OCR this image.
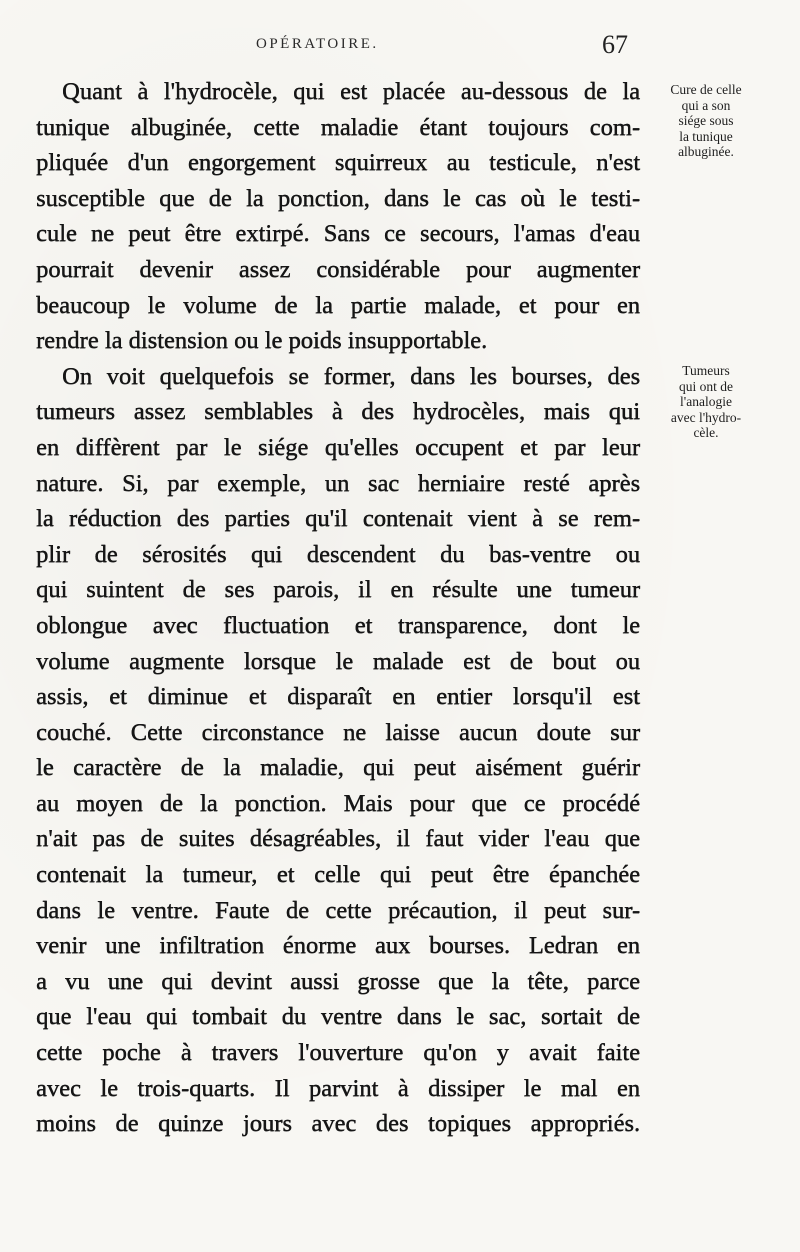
OPÉRATOIRE.	67
Quant à l'hydrocèle, qui est placée au-dessous de la
tunique albuginée, cette maladie étant toujours com-
pliquée d'un engorgement squirreux au testicule, n'est
susceptible que de la ponction, dans le cas où le testi-
cule ne peut être extirpé. Sans ce secours, l'amas d'eau
pourrait devenir assez considérable pour augmenter
beaucoup le volume de la partie malade, et pour en
rendre la distension ou le poids insupportable.
On voit quelquefois se former, dans les bourses, des
tumeurs assez semblables à des hydrocèles, mais qui
en diffèrent par le siége qu'elles occupent et par leur
nature. Si, par exemple, un sac herniaire resté après
la réduction des parties qu'il contenait vient à se rem-
plir de sérosités qui descendent du bas-ventre ou
qui suintent de ses parois, il en résulte une tumeur
oblongue avec fluctuation et transparence, dont le
volume augmente lorsque le malade est de bout ou
assis, et diminue et disparaît en entier lorsqu'il est
couché. Cette circonstance ne laisse aucun doute sur
le caractère de la maladie, qui peut aisément guérir
au moyen de la ponction. Mais pour que ce procédé
n'ait pas de suites désagréables, il faut vider l'eau que
contenait la tumeur, et celle qui peut être épanchée
dans le ventre. Faute de cette précaution, il peut sur-
venir une infiltration énorme aux bourses. Ledran en
a vu une qui devint aussi grosse que la tête, parce
que l'eau qui tombait du ventre dans le sac, sortait de
cette poche à travers l'ouverture qu'on y avait faite
avec le trois-quarts. Il parvint à dissiper le mal en
moins de quinze jours avec des topiques appropriés.
Cure de celle
qui a son
siége sous
la tunique
albuginée.
Tumeurs
qui ont de
l'analogie
avec l'hydro-
cèle.
